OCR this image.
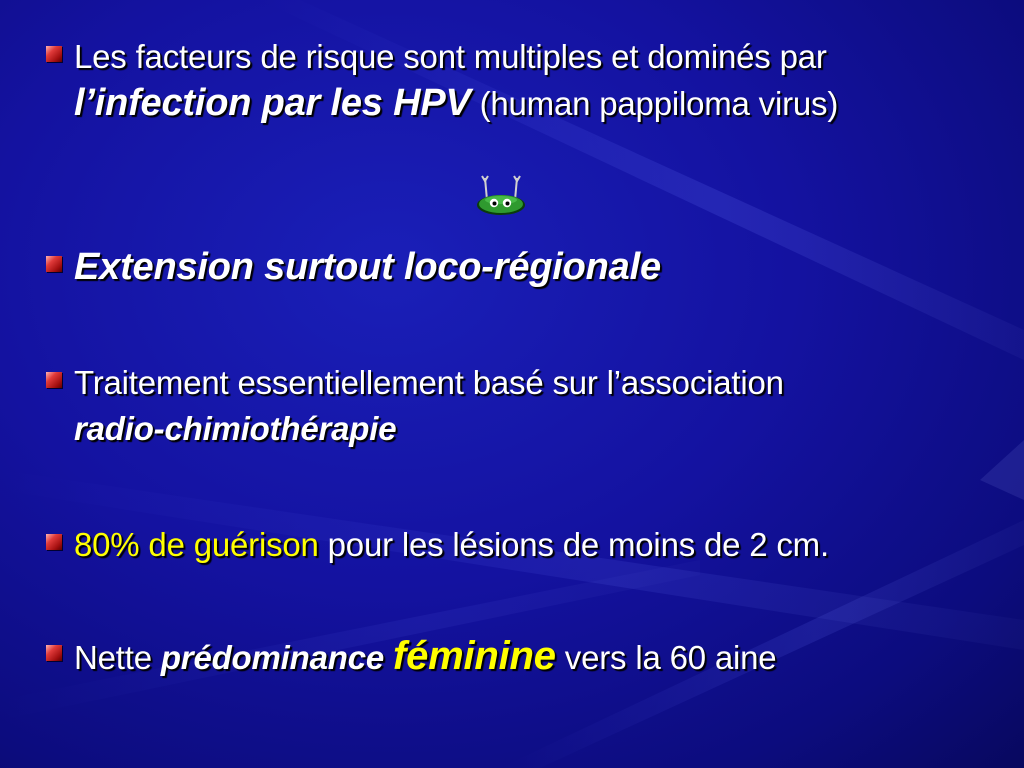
Les facteurs de risque sont multiples et dominés par
l’infection par les HPV (human pappiloma virus)
Extension surtout loco-régionale
Traitement essentiellement basé sur l’association
radio-chimiothérapie
80% de guérison pour les lésions de moins de 2 cm.
Nette prédominance féminine vers la 60 aine
